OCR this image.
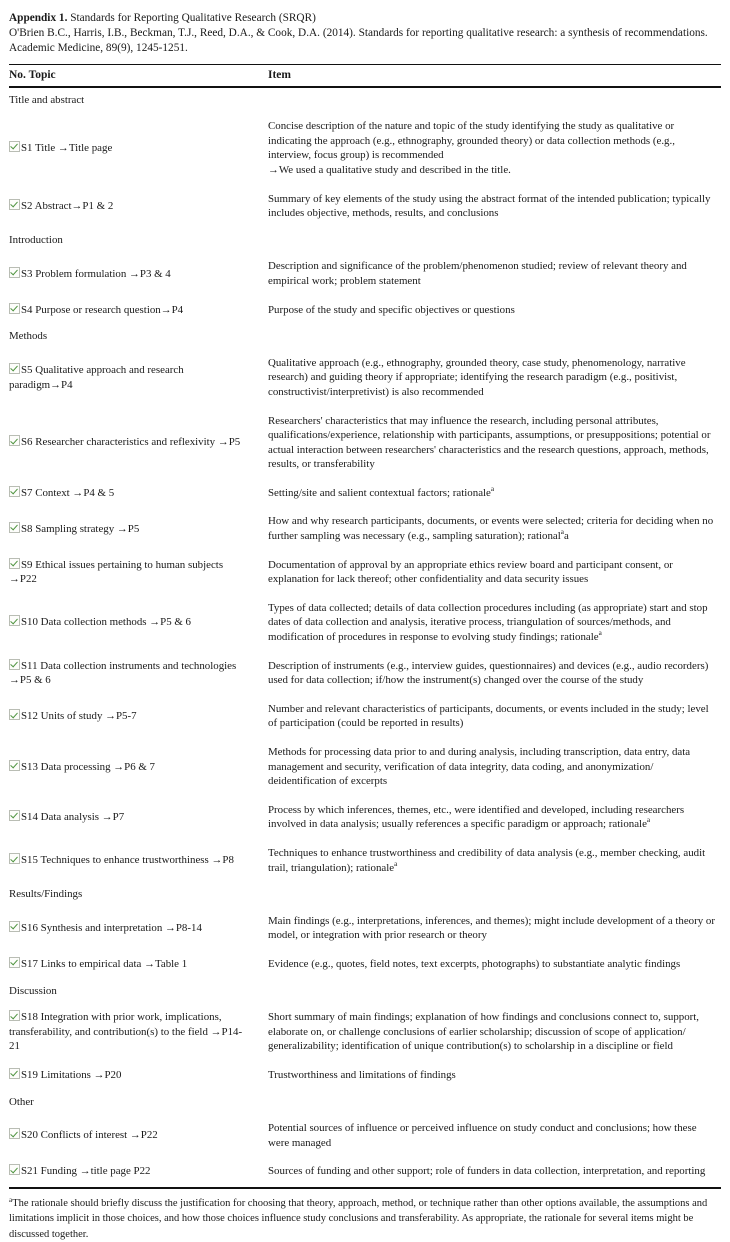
Appendix 1. Standards for Reporting Qualitative Research (SRQR)
O'Brien B.C., Harris, I.B., Beckman, T.J., Reed, D.A., & Cook, D.A. (2014). Standards for reporting qualitative research: a synthesis of recommendations. Academic Medicine, 89(9), 1245-1251.
No. Topic	Item
Title and abstract	
S1 Title →Title page	Concise description of the nature and topic of the study identifying the study as qualitative or indicating the approach (e.g., ethnography, grounded theory) or data collection methods (e.g., interview, focus group) is recommended
→We used a qualitative study and described in the title.
S2 Abstract→P1 & 2	Summary of key elements of the study using the abstract format of the intended publication; typically includes objective, methods, results, and conclusions
Introduction	
S3 Problem formulation →P3 & 4	Description and significance of the problem/phenomenon studied; review of relevant theory and empirical work; problem statement
S4 Purpose or research question→P4	Purpose of the study and specific objectives or questions
Methods	
S5 Qualitative approach and research paradigm→P4	Qualitative approach (e.g., ethnography, grounded theory, case study, phenomenology, narrative research) and guiding theory if appropriate; identifying the research paradigm (e.g., positivist, constructivist/interpretivist) is also recommended
S6 Researcher characteristics and reflexivity →P5	Researchers' characteristics that may influence the research, including personal attributes, qualifications/experience, relationship with participants, assumptions, or presuppositions; potential or actual interaction between researchers' characteristics and the research questions, approach, methods, results, or transferability
S7 Context →P4 & 5	Setting/site and salient contextual factors; rationale$^a$
S8 Sampling strategy →P5	How and why research participants, documents, or events were selected; criteria for deciding when no further sampling was necessary (e.g., sampling saturation); rational$^a$a
S9 Ethical issues pertaining to human subjects →P22	Documentation of approval by an appropriate ethics review board and participant consent, or explanation for lack thereof; other confidentiality and data security issues
S10 Data collection methods →P5 & 6	Types of data collected; details of data collection procedures including (as appropriate) start and stop dates of data collection and analysis, iterative process, triangulation of sources/methods, and modification of procedures in response to evolving study findings; rationale$^a$
S11 Data collection instruments and technologies →P5 & 6	Description of instruments (e.g., interview guides, questionnaires) and devices (e.g., audio recorders) used for data collection; if/how the instrument(s) changed over the course of the study
S12 Units of study →P5-7	Number and relevant characteristics of participants, documents, or events included in the study; level of participation (could be reported in results)
S13 Data processing →P6 & 7	Methods for processing data prior to and during analysis, including transcription, data entry, data management and security, verification of data integrity, data coding, and anonymization/ deidentification of excerpts
S14 Data analysis →P7	Process by which inferences, themes, etc., were identified and developed, including researchers involved in data analysis; usually references a specific paradigm or approach; rationale$^a$
S15 Techniques to enhance trustworthiness →P8	Techniques to enhance trustworthiness and credibility of data analysis (e.g., member checking, audit trail, triangulation); rationale$^a$
Results/Findings	
S16 Synthesis and interpretation →P8-14	Main findings (e.g., interpretations, inferences, and themes); might include development of a theory or model, or integration with prior research or theory
S17 Links to empirical data →Table 1	Evidence (e.g., quotes, field notes, text excerpts, photographs) to substantiate analytic findings
Discussion	
S18 Integration with prior work, implications, transferability, and contribution(s) to the field →P14-21	Short summary of main findings; explanation of how findings and conclusions connect to, support, elaborate on, or challenge conclusions of earlier scholarship; discussion of scope of application/ generalizability; identification of unique contribution(s) to scholarship in a discipline or field
S19 Limitations →P20	Trustworthiness and limitations of findings
Other	
S20 Conflicts of interest →P22	Potential sources of influence or perceived influence on study conduct and conclusions; how these were managed
S21 Funding →title page P22	Sources of funding and other support; role of funders in data collection, interpretation, and reporting
$^a$The rationale should briefly discuss the justification for choosing that theory, approach, method, or technique rather than other options available, the assumptions and limitations implicit in those choices, and how those choices influence study conclusions and transferability. As appropriate, the rationale for several items might be discussed together.
